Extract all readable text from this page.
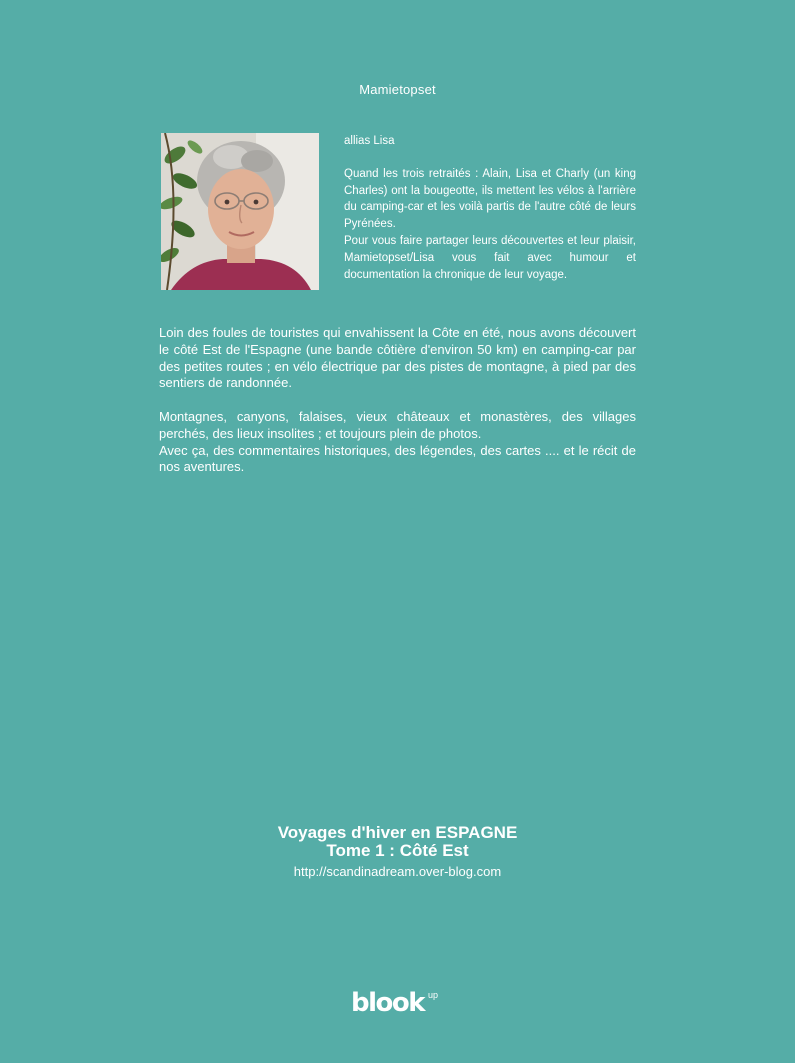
Mamietopset

allias Lisa

Quand les trois retraités : Alain, Lisa et Charly (un king Charles) ont la bougeotte, ils mettent les vélos à l'arrière du camping-car et les voilà partis de l'autre côté de leurs Pyrénées.

Pour vous faire partager leurs découvertes et leur plaisir, Mamietopset/Lisa vous fait avec humour et documentation la chronique de leur voyage.

Loin des foules de touristes qui envahissent la Côte en été, nous avons découvert le côté Est de l'Espagne (une bande côtière d'environ 50 km) en camping-car par des petites routes ; en vélo électrique par des pistes de montagne, à pied par des sentiers de randonnée.

Montagnes, canyons, falaises, vieux châteaux et monastères, des villages perchés, des lieux insolites ; et toujours plein de photos.

Avec ça, des commentaires historiques, des légendes, des cartes .... et le récit de nos aventures.

Voyages d'hiver en ESPAGNE
Tome 1 : Côté Est
http://scandinadream.over-blog.com
blook up
